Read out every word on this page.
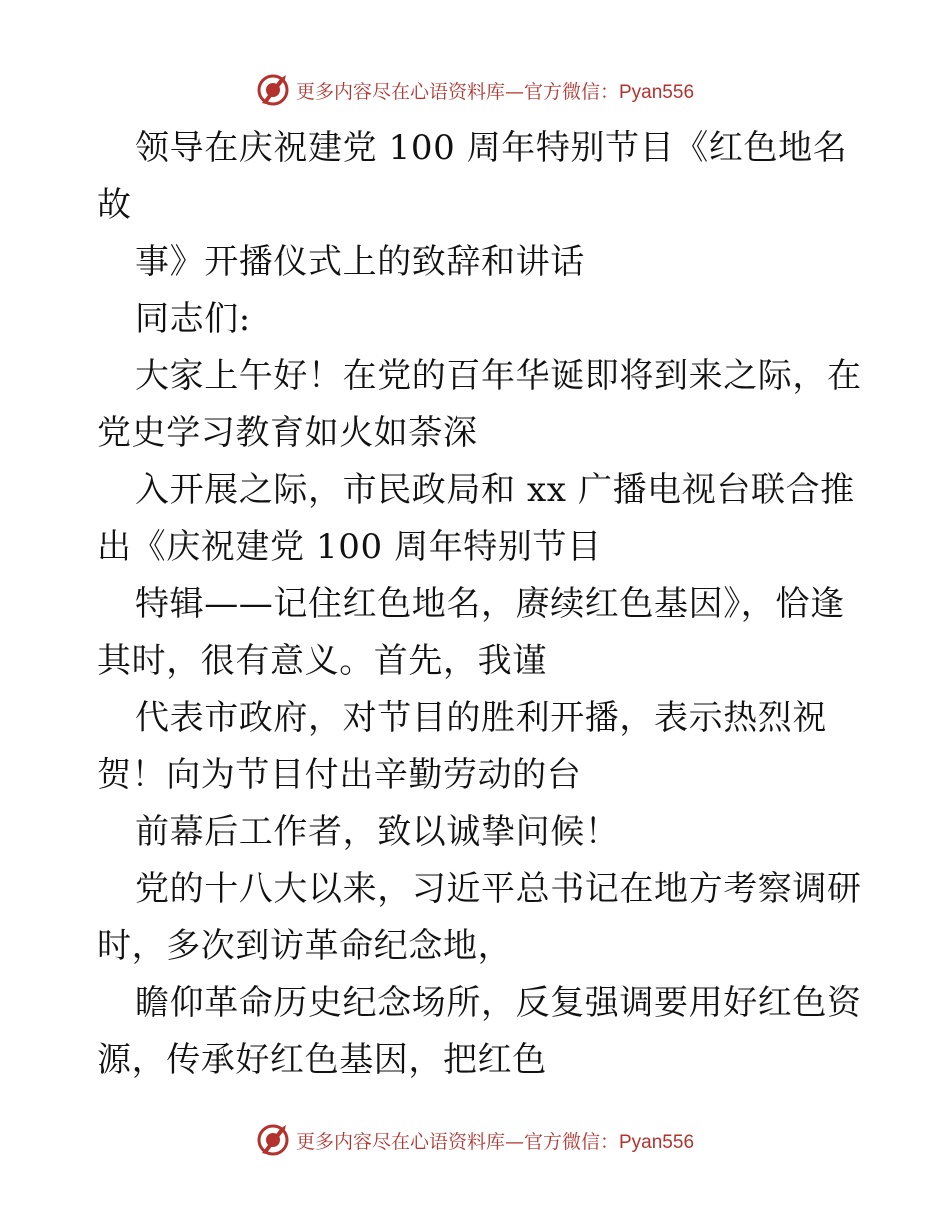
更多内容尽在心语资料库—官方微信：Pyan556
领导在庆祝建党 100 周年特别节目《红色地名
故
事》开播仪式上的致辞和讲话
同志们:
大家上午好！在党的百年华诞即将到来之际，在
党史学习教育如火如荼深
入开展之际，市民政局和 xx 广播电视台联合推
出《庆祝建党 100 周年特别节目
特辑——记住红色地名，赓续红色基因》，恰逢
其时，很有意义。首先，我谨
代表市政府，对节目的胜利开播，表示热烈祝
贺！向为节目付出辛勤劳动的台
前幕后工作者，致以诚挚问候！
党的十八大以来，习近平总书记在地方考察调研
时，多次到访革命纪念地，
瞻仰革命历史纪念场所，反复强调要用好红色资
源，传承好红色基因，把红色
更多内容尽在心语资料库—官方微信：Pyan556
